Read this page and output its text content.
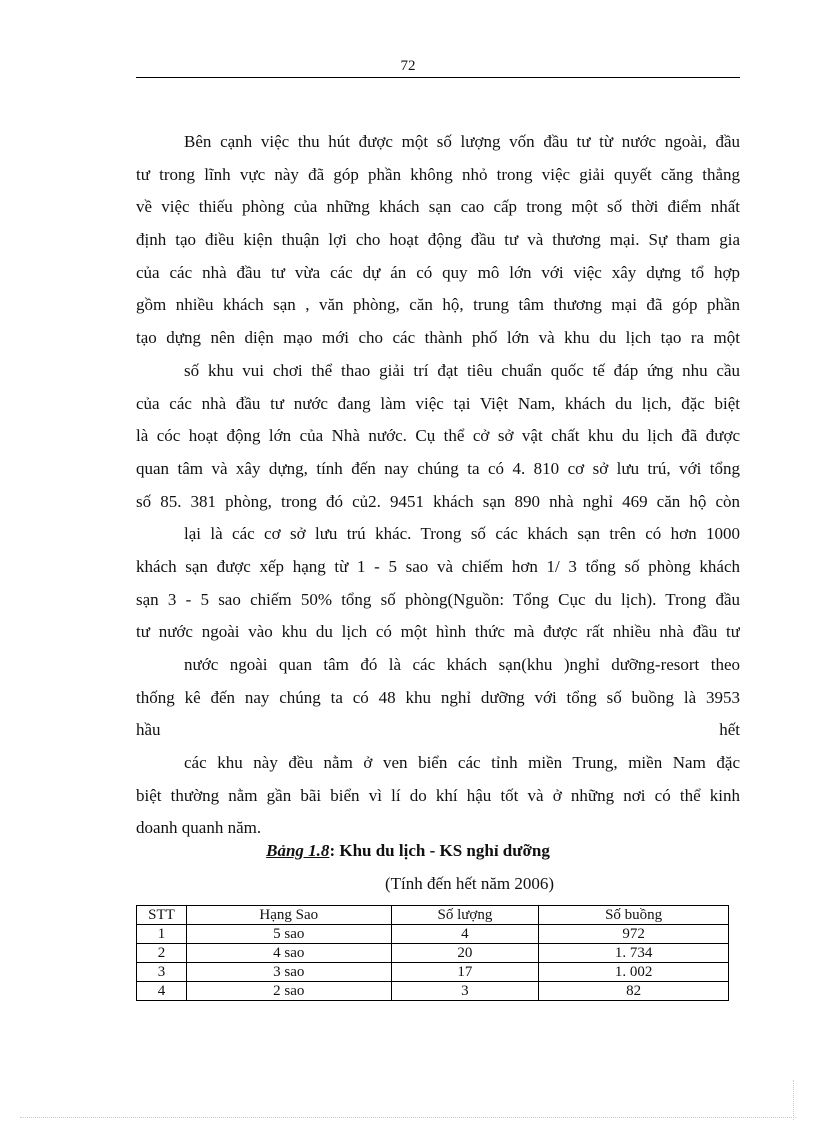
72
Bên cạnh việc thu hút được một số lượng vốn đầu tư từ nước ngoài, đầu
tư trong lĩnh vực này đã góp phần không nhỏ trong việc giải quyết căng thẳng
về việc thiếu phòng của những khách sạn cao cấp trong một số thời điểm nhất
định tạo điều kiện thuận lợi cho hoạt động đầu tư và thương mại. Sự tham gia
của các nhà đầu tư vừa các dự án có quy mô lớn với việc xây dựng tổ hợp
gồm nhiều khách sạn , văn phòng, căn hộ, trung tâm thương mại đã góp phần
tạo dựng nên diện mạo mới cho các thành phố lớn và khu du lịch tạo ra một
số khu vui chơi thể thao giải trí đạt tiêu chuẩn quốc tế đáp ứng nhu cầu
của các nhà đầu tư nước đang làm việc tại Việt Nam, khách du lịch, đặc biệt
là cóc hoạt động lớn của Nhà nước. Cụ thể cở sở vật chất khu du lịch đã được
quan tâm và xây dựng, tính đến nay chúng ta có 4. 810 cơ sở lưu trú, với tổng
số 85. 381 phòng, trong đó củ2. 9451 khách sạn 890 nhà nghỉ 469 căn hộ còn
lại là các cơ sở lưu trú khác. Trong số các khách sạn trên có hơn 1000
khách sạn được xếp hạng từ 1 - 5 sao và chiếm hơn 1/ 3 tổng số phòng khách
sạn 3 - 5 sao chiếm 50% tổng số phòng(Nguồn: Tổng Cục du lịch). Trong đầu
tư nước ngoài vào khu du lịch có một hình thức mà được rất nhiều nhà đầu tư
nước ngoài quan tâm đó là các khách sạn(khu )nghỉ dưỡng-resort theo
thống kê đến nay chúng ta có 48 khu nghỉ dưỡng với tổng số buồng là 3953
hầu	hết
các khu này đều nằm ở ven biển các tỉnh miền Trung, miền Nam đặc
biệt thường nằm gần bãi biển vì lí do khí hậu tốt và ở những nơi có thể kinh
doanh quanh năm.
Bảng 1.8: Khu du lịch - KS nghỉ dưỡng
(Tính đến hết năm 2006)
STT	Hạng Sao	Số lượng	Số buồng
1	5 sao	4	972
2	4 sao	20	1. 734
3	3 sao	17	1. 002
4	2 sao	3	82
